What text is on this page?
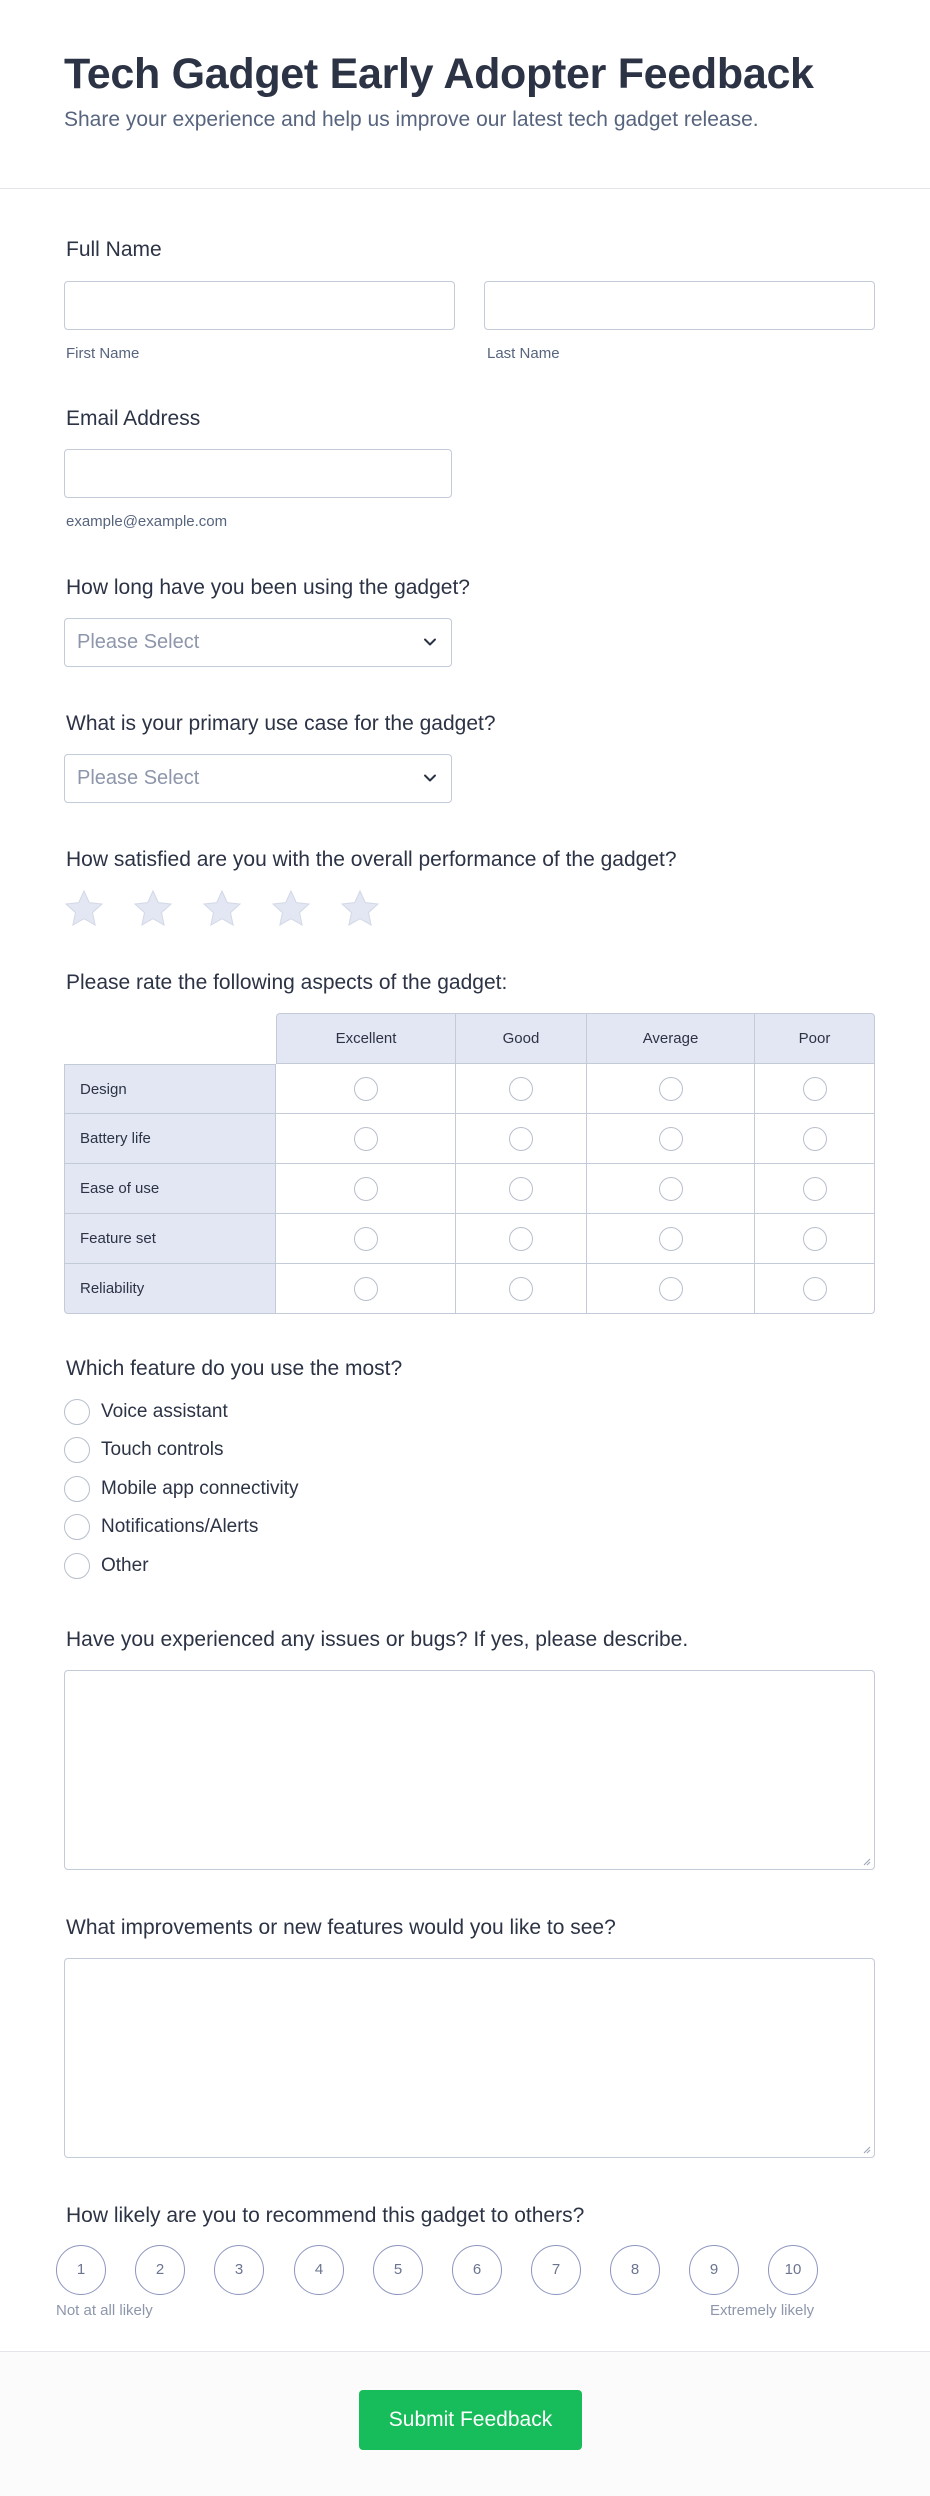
Tech Gadget Early Adopter Feedback
Share your experience and help us improve our latest tech gadget release.
Full Name
First Name	Last Name
Email Address
example@example.com
How long have you been using the gadget?
Please Select
What is your primary use case for the gadget?
Please Select
How satisfied are you with the overall performance of the gadget?
Please rate the following aspects of the gadget:
Excellent	Good	Average	Poor
Design
Battery life
Ease of use
Feature set
Reliability
Which feature do you use the most?
Voice assistant
Touch controls
Mobile app connectivity
Notifications/Alerts
Other
Have you experienced any issues or bugs? If yes, please describe.
What improvements or new features would you like to see?
How likely are you to recommend this gadget to others?
1	2	3	4	5	6	7	8	9	10
Not at all likely	Extremely likely
Submit Feedback
